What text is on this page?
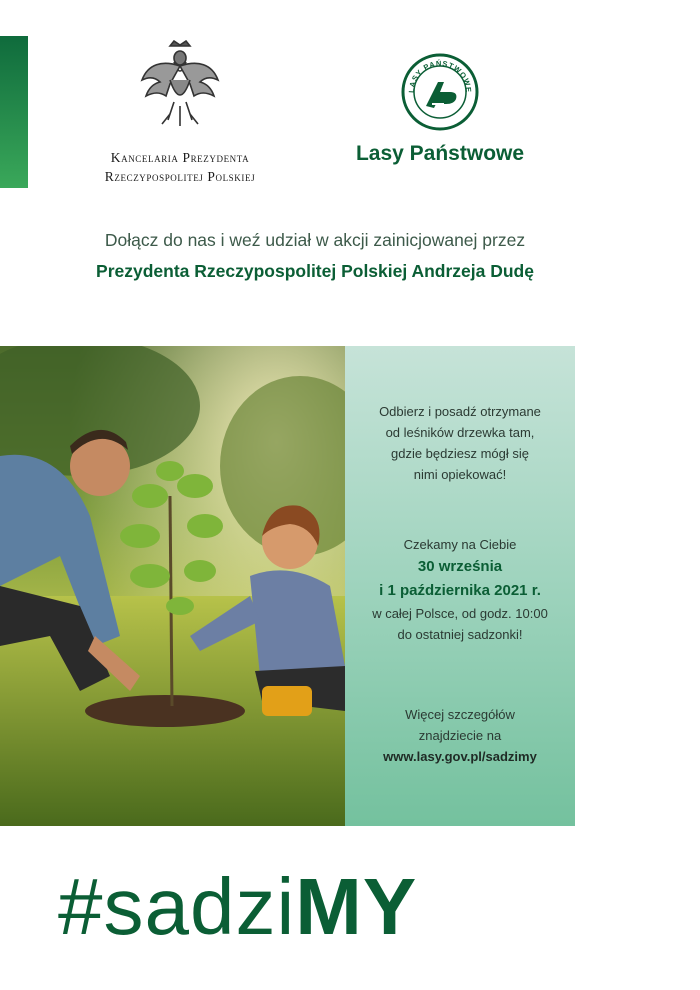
Kancelaria Prezydenta
Rzeczypospolitej Polskiej
LASY PAŃSTWOWE
Lasy Państwowe
Dołącz do nas i weź udział w akcji zainicjowanej przez
Prezydenta Rzeczypospolitej Polskiej Andrzeja Dudę

Odbierz i posadź otrzymane
od leśników drzewka tam,
gdzie będziesz mógł się
nimi opiekować!

Czekamy na Ciebie
30 września
i 1 października 2021 r.
w całej Polsce, od godz. 10:00
do ostatniej sadzonki!

Więcej szczegółów
znajdziecie na
www.lasy.gov.pl/sadzimy

#sadziMY
